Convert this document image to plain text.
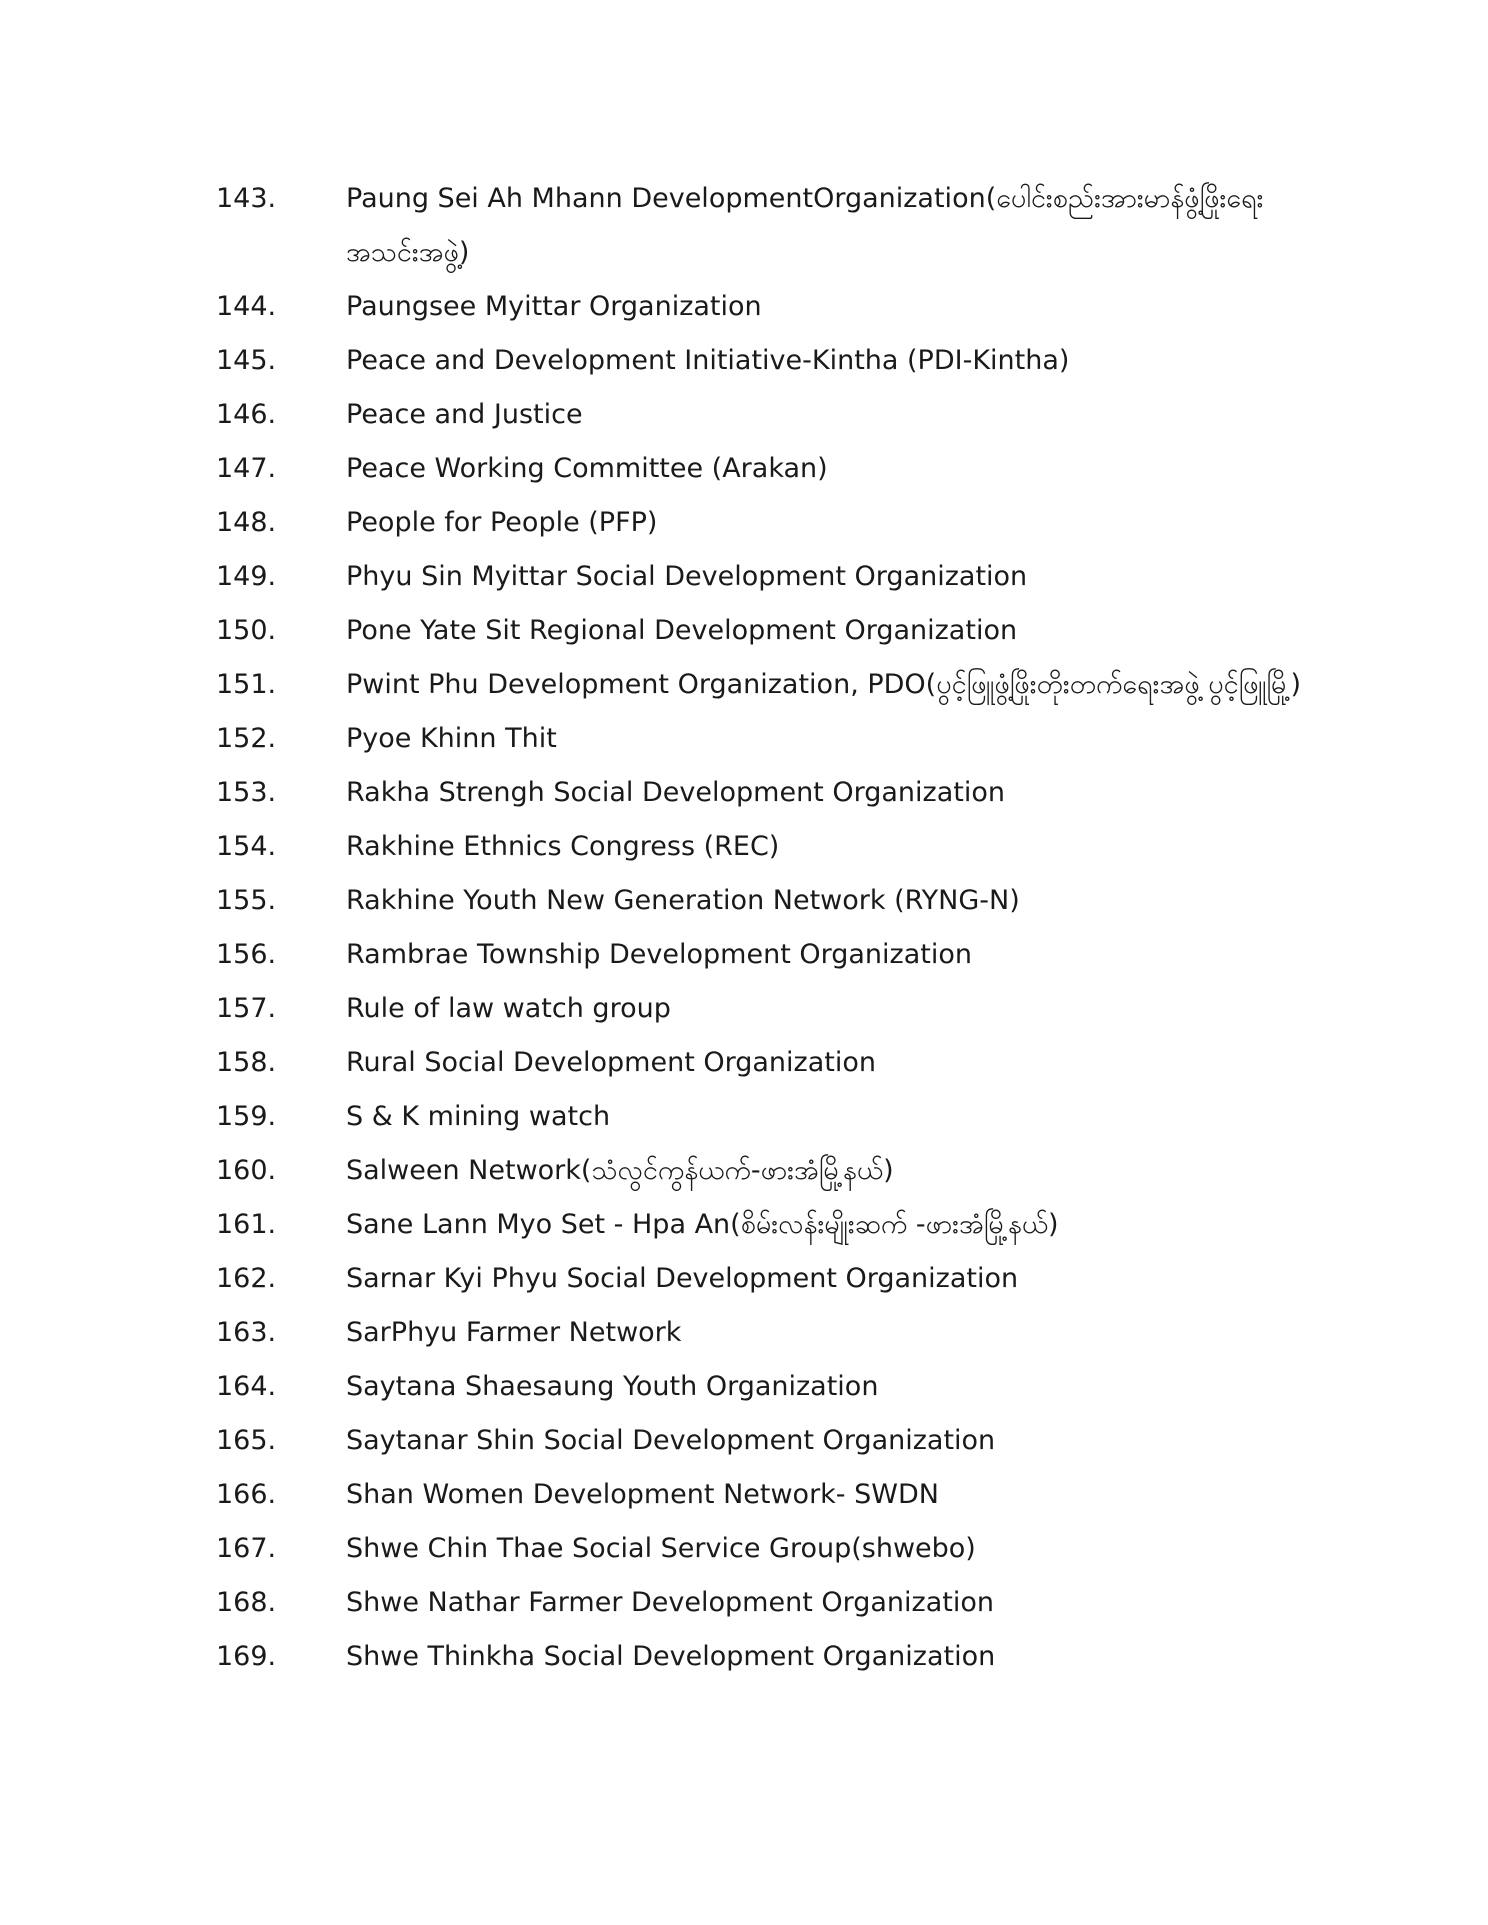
143.	Paung Sei Ah Mhann DevelopmentOrganization(ပေါင်းစည်းအားမာန်ဖွံ့ဖြိုးရေး အသင်းအဖွဲ့)
144.	Paungsee Myittar Organization
145.	Peace and Development Initiative-Kintha (PDI-Kintha)
146.	Peace and Justice
147.	Peace Working Committee (Arakan)
148.	People for People (PFP)
149.	Phyu Sin Myittar Social Development Organization
150.	Pone Yate Sit Regional Development Organization
151.	Pwint Phu Development Organization, PDO(ပွင့်ဖြူဖွံ့ဖြိုးတိုးတက်ရေးအဖွဲ့ ပွင့်ဖြူမြို့)
152.	Pyoe Khinn Thit
153.	Rakha Strengh Social Development Organization
154.	Rakhine Ethnics Congress (REC)
155.	Rakhine Youth New Generation Network (RYNG-N)
156.	Rambrae Township Development Organization
157.	Rule of law watch group
158.	Rural Social Development Organization
159.	S & K mining watch
160.	Salween Network(သံလွင်ကွန်ယက်-ဖားအံမြို့နယ်)
161.	Sane Lann Myo Set - Hpa An(စိမ်းလန်းမျိုးဆက် -ဖားအံမြို့နယ်)
162.	Sarnar Kyi Phyu Social Development Organization
163.	SarPhyu Farmer Network
164.	Saytana Shaesaung Youth Organization
165.	Saytanar Shin Social Development Organization
166.	Shan Women Development Network- SWDN
167.	Shwe Chin Thae Social Service Group(shwebo)
168.	Shwe Nathar Farmer Development Organization
169.	Shwe Thinkha Social Development Organization
